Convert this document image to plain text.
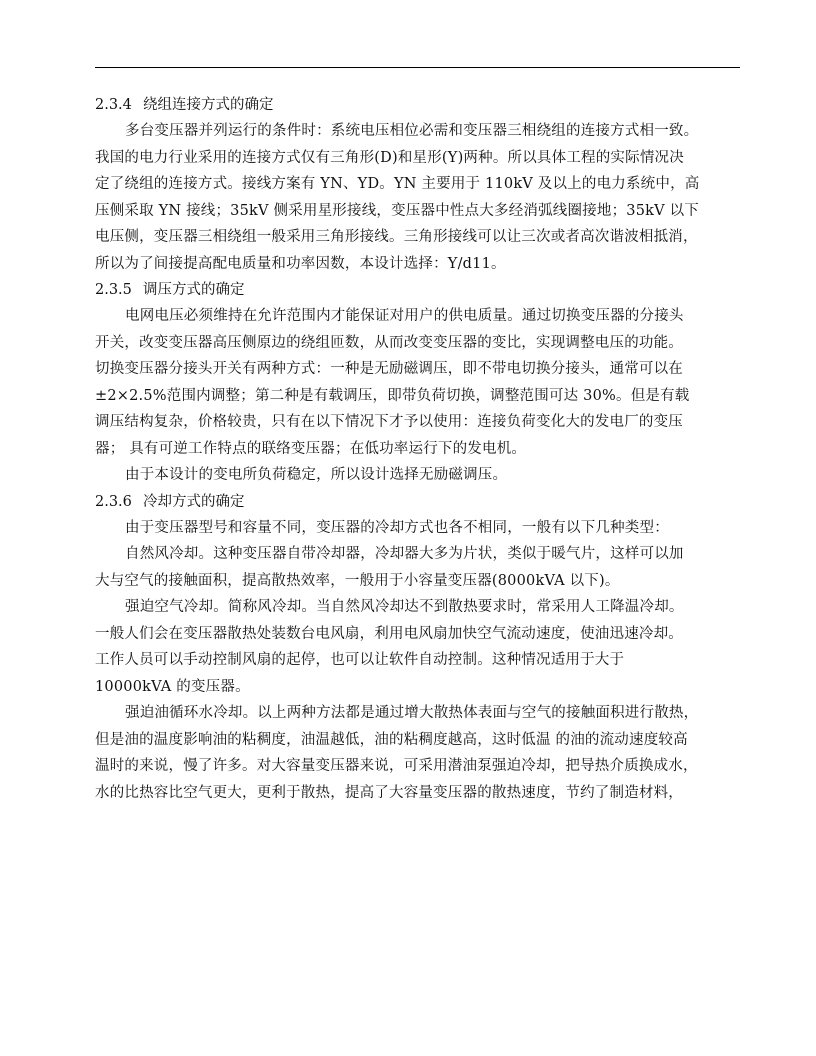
2.3.4 绕组连接方式的确定
多台变压器并列运行的条件时：系统电压相位必需和变压器三相绕组的连接方式相一致。
我国的电力行业采用的连接方式仅有三角形(D)和星形(Y)两种。所以具体工程的实际情况决
定了绕组的连接方式。接线方案有 YN、YD。YN 主要用于 110kV 及以上的电力系统中，高
压侧采取 YN 接线；35kV 侧采用星形接线，变压器中性点大多经消弧线圈接地；35kV 以下
电压侧，变压器三相绕组一般采用三角形接线。三角形接线可以让三次或者高次谐波相抵消，
所以为了间接提高配电质量和功率因数，本设计选择：Y/d11。
2.3.5 调压方式的确定
电网电压必须维持在允许范围内才能保证对用户的供电质量。通过切换变压器的分接头
开关，改变变压器高压侧原边的绕组匝数，从而改变变压器的变比，实现调整电压的功能。
切换变压器分接头开关有两种方式：一种是无励磁调压，即不带电切换分接头，通常可以在
±2×2.5%范围内调整；第二种是有载调压，即带负荷切换，调整范围可达 30%。但是有载
调压结构复杂，价格较贵，只有在以下情况下才予以使用：连接负荷变化大的发电厂的变压
器； 具有可逆工作特点的联络变压器；在低功率运行下的发电机。
由于本设计的变电所负荷稳定，所以设计选择无励磁调压。
2.3.6 冷却方式的确定
由于变压器型号和容量不同，变压器的冷却方式也各不相同，一般有以下几种类型：
自然风冷却。这种变压器自带冷却器，冷却器大多为片状，类似于暖气片，这样可以加
大与空气的接触面积，提高散热效率，一般用于小容量变压器(8000kVA 以下)。
强迫空气冷却。简称风冷却。当自然风冷却达不到散热要求时，常采用人工降温冷却。
一般人们会在变压器散热处装数台电风扇，利用电风扇加快空气流动速度，使油迅速冷却。
工作人员可以手动控制风扇的起停，也可以让软件自动控制。这种情况适用于大于
10000kVA 的变压器。
强迫油循环水冷却。以上两种方法都是通过增大散热体表面与空气的接触面积进行散热，
但是油的温度影响油的粘稠度，油温越低，油的粘稠度越高，这时低温 的油的流动速度较高
温时的来说，慢了许多。对大容量变压器来说，可采用潜油泵强迫冷却，把导热介质换成水，
水的比热容比空气更大，更利于散热，提高了大容量变压器的散热速度，节约了制造材料，
